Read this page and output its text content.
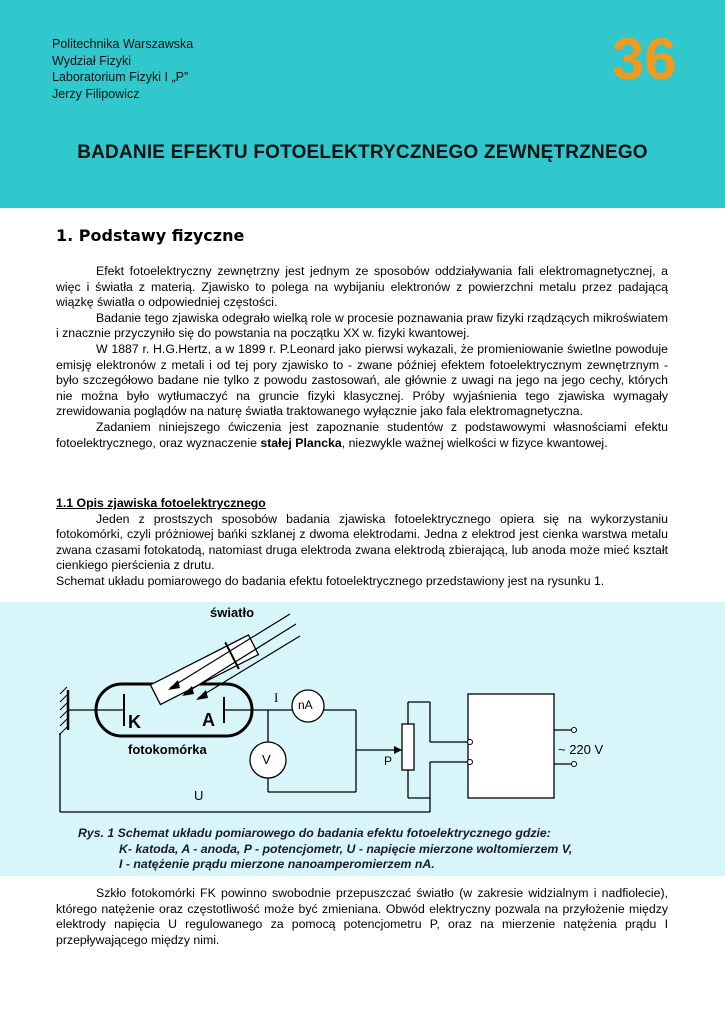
Politechnika Warszawska
Wydział Fizyki
Laboratorium Fizyki I „P”
Jerzy Filipowicz
36
BADANIE EFEKTU FOTOELEKTRYCZNEGO ZEWNĘTRZNEGO
1. Podstawy fizyczne

Efekt fotoelektryczny zewnętrzny jest jednym ze sposobów oddziaływania fali elektromagnetycznej, a więc i światła z materią. Zjawisko to polega na wybijaniu elektronów z powierzchni metalu przez padającą wiązkę światła o odpowiedniej częstości.

Badanie tego zjawiska odegrało wielką role w procesie poznawania praw fizyki rządzących mikroświatem i znacznie przyczyniło się do powstania na początku XX w. fizyki kwantowej.

W 1887 r. H.G.Hertz, a w 1899 r. P.Leonard jako pierwsi wykazali, że promieniowanie świetlne powoduje emisję elektronów z metali i od tej pory zjawisko to - zwane później efektem fotoelektrycznym zewnętrznym - było szczegółowo badane nie tylko z powodu zastosowań, ale głównie z uwagi na jego na jego cechy, których nie można było wytłumaczyć na gruncie fizyki klasycznej. Próby wyjaśnienia tego zjawiska wymagały zrewidowania poglądów na naturę światła traktowanego wyłącznie jako fala elektromagnetyczna.

Zadaniem niniejszego ćwiczenia jest zapoznanie studentów z podstawowymi własnościami efektu fotoelektrycznego, oraz wyznaczenie stałej Plancka, niezwykle ważnej wielkości w fizyce kwantowej.

1.1 Opis zjawiska fotoelektrycznego

Jeden z prostszych sposobów badania zjawiska fotoelektrycznego opiera się na wykorzystaniu fotokomórki, czyli próżniowej bańki szklanej z dwoma elektrodami. Jedna z elektrod jest cienka warstwa metalu zwana czasami fotokatodą, natomiast druga elektroda zwana elektrodą zbierającą, lub anoda może mieć kształt cienkiego pierścienia z drutu.

Schemat układu pomiarowego do badania efektu fotoelektrycznego przedstawiony jest na rysunku 1.

światło
K	A
fotokomórka
I nA
V	P
U
~ 220 V
Rys. 1 Schemat układu pomiarowego do badania efektu fotoelektrycznego gdzie:
K- katoda, A - anoda, P - potencjometr, U - napięcie mierzone woltomierzem V,
I - natężenie prądu mierzone nanoamperomierzem nA.

Szkło fotokomórki FK powinno swobodnie przepuszczać światło (w zakresie widzialnym i nadfiolecie), którego natężenie oraz częstotliwość może być zmieniana. Obwód elektryczny pozwala na przyłożenie między elektrody napięcia U regulowanego za pomocą potencjometru P, oraz na mierzenie natężenia prądu I przepływającego między nimi.
